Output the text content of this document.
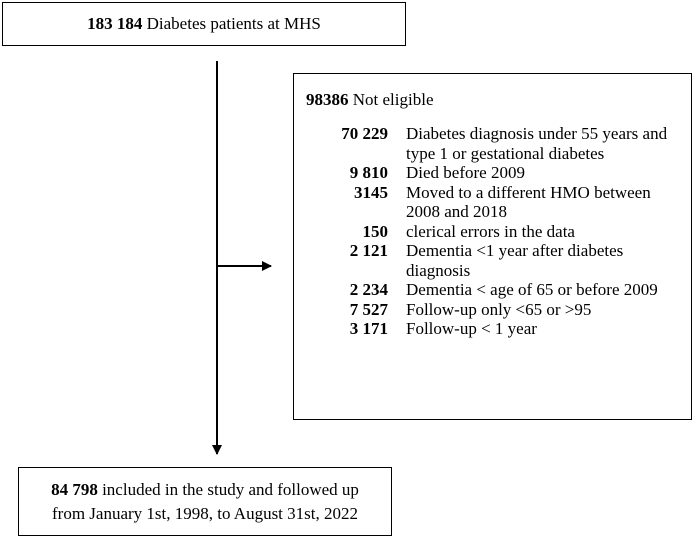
183 184 Diabetes patients at MHS
98386 Not eligible
70 229 Diabetes diagnosis under 55 years and type 1 or gestational diabetes
9 810 Died before 2009
3145 Moved to a different HMO between 2008 and 2018
150 clerical errors in the data
2 121 Dementia <1 year after diabetes diagnosis
2 234 Dementia < age of 65 or before 2009
7 527 Follow-up only <65 or >95
3 171 Follow-up < 1 year
84 798 included in the study and followed up from January 1st, 1998, to August 31st, 2022
